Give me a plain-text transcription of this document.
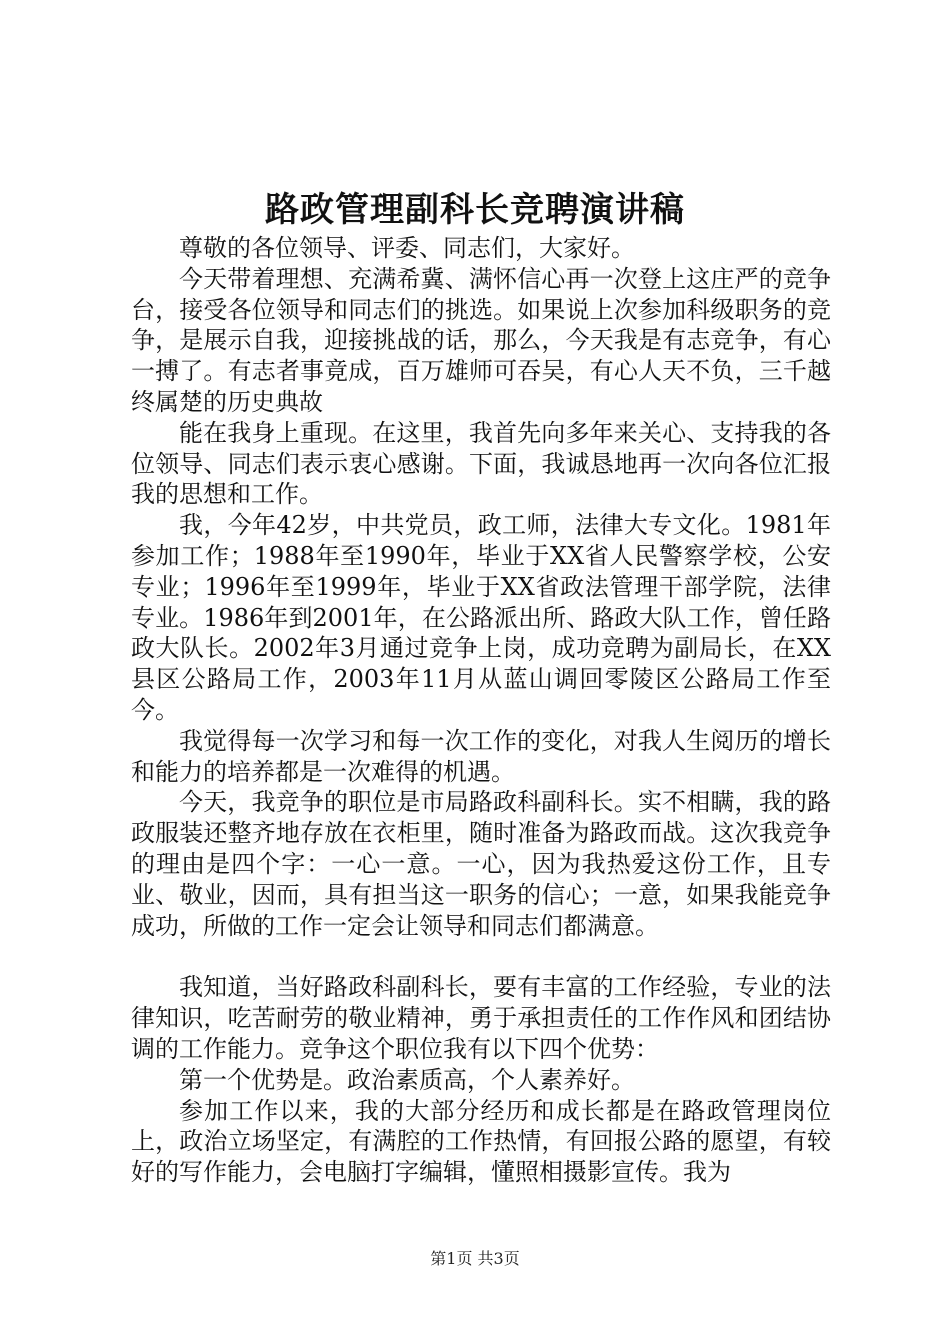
路政管理副科长竞聘演讲稿

尊敬的各位领导、评委、同志们，大家好。

今天带着理想、充满希冀、满怀信心再一次登上这庄严的竞争台，接受各位领导和同志们的挑选。如果说上次参加科级职务的竞争，是展示自我，迎接挑战的话，那么，今天我是有志竞争，有心一搏了。有志者事竟成，百万雄师可吞吴，有心人天不负，三千越终属楚的历史典故

能在我身上重现。在这里，我首先向多年来关心、支持我的各位领导、同志们表示衷心感谢。下面，我诚恳地再一次向各位汇报我的思想和工作。

我，今年42岁，中共党员，政工师，法律大专文化。1981年参加工作；1988年至1990年，毕业于XX省人民警察学校，公安专业；1996年至1999年，毕业于XX省政法管理干部学院，法律专业。1986年到2001年，在公路派出所、路政大队工作，曾任路政大队长。2002年3月通过竞争上岗，成功竞聘为副局长，在XX县区公路局工作，2003年11月从蓝山调回零陵区公路局工作至今。

我觉得每一次学习和每一次工作的变化，对我人生阅历的增长和能力的培养都是一次难得的机遇。

今天，我竞争的职位是市局路政科副科长。实不相瞒，我的路政服装还整齐地存放在衣柜里，随时准备为路政而战。这次我竞争的理由是四个字：一心一意。一心，因为我热爱这份工作，且专业、敬业，因而，具有担当这一职务的信心；一意，如果我能竞争成功，所做的工作一定会让领导和同志们都满意。

我知道，当好路政科副科长，要有丰富的工作经验，专业的法律知识，吃苦耐劳的敬业精神，勇于承担责任的工作作风和团结协调的工作能力。竞争这个职位我有以下四个优势：

第一个优势是。政治素质高，个人素养好。

参加工作以来，我的大部分经历和成长都是在路政管理岗位上，政治立场坚定，有满腔的工作热情，有回报公路的愿望，有较好的写作能力，会电脑打字编辑，懂照相摄影宣传。我为

第1页 共3页
